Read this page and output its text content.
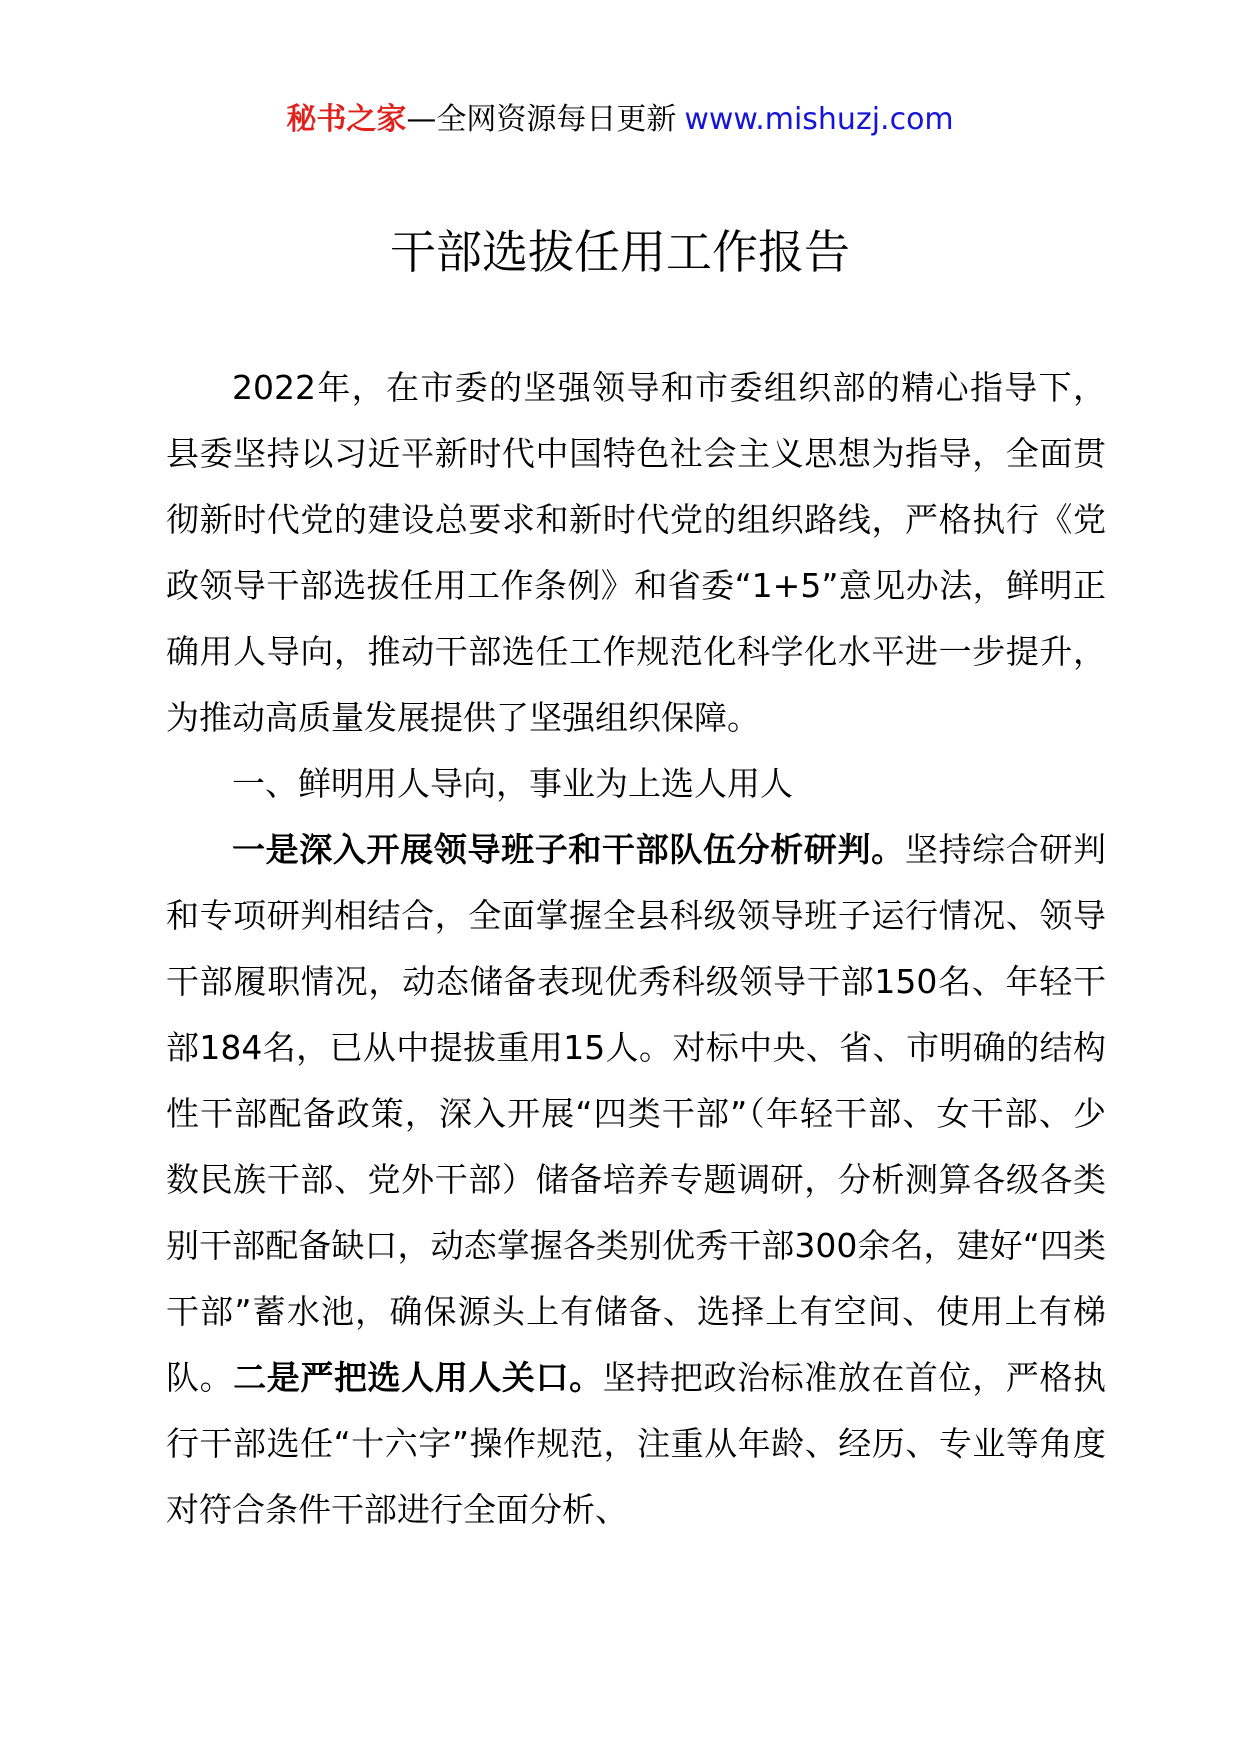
秘书之家—全网资源每日更新 www.mishuzj.com
干部选拔任用工作报告

2022年，在市委的坚强领导和市委组织部的精心指导下，县委坚持以习近平新时代中国特色社会主义思想为指导，全面贯彻新时代党的建设总要求和新时代党的组织路线，严格执行《党政领导干部选拔任用工作条例》和省委“1+5”意见办法，鲜明正确用人导向，推动干部选任工作规范化科学化水平进一步提升，为推动高质量发展提供了坚强组织保障。

一、鲜明用人导向，事业为上选人用人

一是深入开展领导班子和干部队伍分析研判。坚持综合研判和专项研判相结合，全面掌握全县科级领导班子运行情况、领导干部履职情况，动态储备表现优秀科级领导干部150名、年轻干部184名，已从中提拔重用15人。对标中央、省、市明确的结构性干部配备政策，深入开展“四类干部”（年轻干部、女干部、少数民族干部、党外干部）储备培养专题调研，分析测算各级各类别干部配备缺口，动态掌握各类别优秀干部300余名，建好“四类干部”蓄水池，确保源头上有储备、选择上有空间、使用上有梯队。二是严把选人用人关口。坚持把政治标准放在首位，严格执行干部选任“十六字”操作规范，注重从年龄、经历、专业等角度对符合条件干部进行全面分析、
